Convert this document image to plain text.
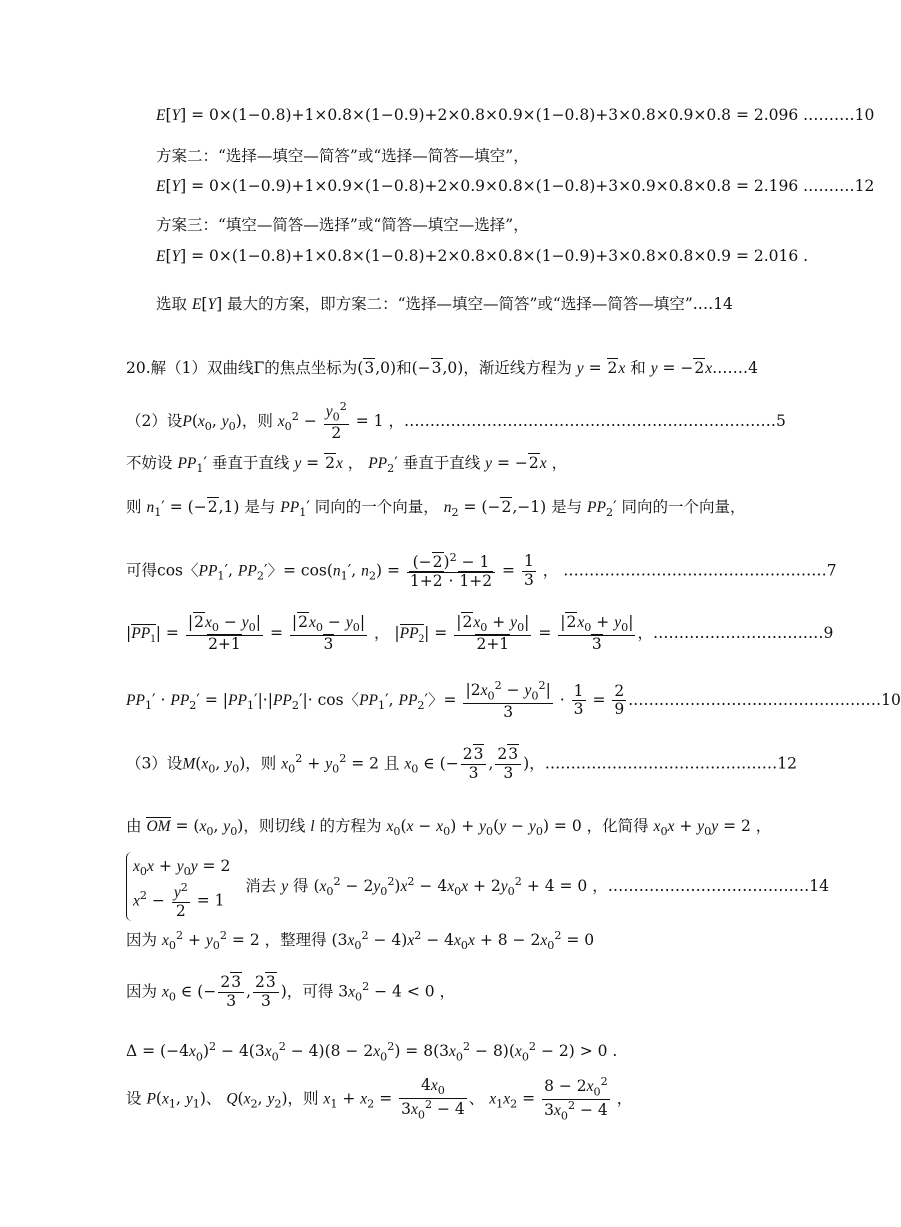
E[Y] = 0×(1−0.8)+1×0.8×(1−0.9)+2×0.8×0.9×(1−0.8)+3×0.8×0.9×0.8 = 2.096 .………10
方案二：“选择—填空—简答”或“选择—简答—填空”，
E[Y] = 0×(1−0.9)+1×0.9×(1−0.8)+2×0.9×0.8×(1−0.8)+3×0.9×0.8×0.8 = 2.196 .………12
方案三：“填空—简答—选择”或“简答—填空—选择”，
E[Y] = 0×(1−0.8)+1×0.8×(1−0.8)+2×0.8×0.8×(1−0.9)+3×0.8×0.8×0.9 = 2.016 .
选取 E[Y] 最大的方案，即方案二：“选择—填空—简答”或“选择—简答—填空”.…14
20.解（1）双曲线Γ的焦点坐标为(3,0)和(−3,0)，渐近线方程为 y = 2x 和 y = −2x.……4
（2）设$P(x_0$, $y_0$)，则 $x_0^2 - \frac{y_0^2}{2} = 1$ ，………………………………………………………………5
不妨设 $PP_1'$ 垂直于直线 y = 2x ， $PP_2'$ 垂直于直线 y = −2x ，
则 $n_1' = (-2,1)$ 是与 $PP_1'$ 同向的一个向量， $n_2 = (-2,-1)$ 是与 $PP_2'$ 同向的一个向量，
可得cos〈$PP_1'$, $PP_2'$〉= $\cos(n_1'$, $n_2) = \frac{(-2)^2 - 1}{1+2 \cdot 1+2} = \frac{1}{3}$ ， ……………………………………………7
$|PP_1| = \frac{|2x_0 - y_0|}{2+1} = \frac{|2x_0 - y_0|}{3}$ ， $|PP_2| = \frac{|2x_0 + y_0|}{2+1} = \frac{|2x_0 + y_0|}{3}$ ，……………………………9
$PP_1' \cdot PP_2' = |PP_1'|\cdot|PP_2'|\cdot \cos$〈$PP_1'$, $PP_2'$〉= $\frac{|2x_0^2 - y_0^2|}{3} \cdot \frac{1}{3} = \frac{2}{9}$ .…………………………………………10
（3）设$M(x_0$, $y_0$)，则 $x_0^2 + y_0^2 = 2$ 且 $x_0$ ∈ (− $\frac{23}{3}$ , $\frac{23}{3}$ )，………………………………………12
由 OM = ($x_0$, $y_0$)，则切线 l 的方程为 $x_0(x - x_0) + y_0(y - y_0) = 0$ ，化简得 $x_0x + y_0y = 2$ ，
$x_0x + y_0y = 2$
$x^2 - \frac{y^2}{2} = 1$
消去 y 得 $(x_0^2 - 2y_0^2)x^2 - 4x_0x + 2y_0^2 + 4 = 0$ ，…………………………………14
因为 $x_0^2 + y_0^2 = 2$ ，整理得 $(3x_0^2 - 4)x^2 - 4x_0x + 8 - 2x_0^2 = 0$
因为 $x_0$ ∈ (− $\frac{23}{3}$ , $\frac{23}{3}$ )，可得 $3x_0^2 - 4 < 0$ ，
$\Delta = (-4x_0)^2 - 4(3x_0^2 - 4)(8 - 2x_0^2) = 8(3x_0^2 - 8)(x_0^2 - 2) > 0$ .
设 $P(x_1$, $y_1$)、 $Q(x_2$, $y_2$)，则 $x_1 + x_2 = \frac{4x_0}{3x_0^2 - 4}$ 、 $x_1x_2 = \frac{8 - 2x_0^2}{3x_0^2 - 4}$ ，
